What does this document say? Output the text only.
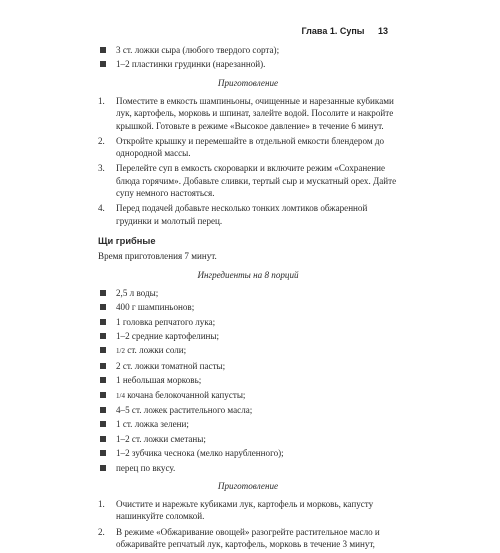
Глава 1. Супы 13
3 ст. ложки сыра (любого твердого сорта);
1–2 пластинки грудинки (нарезанной).
Приготовление
1. Поместите в емкость шампиньоны, очищенные и нарезанные кубиками лук, картофель, морковь и шпинат, залейте водой. Посолите и накройте крышкой. Готовьте в режиме «Высокое давление» в течение 6 минут.
2. Откройте крышку и перемешайте в отдельной емкости блендером до однородной массы.
3. Перелейте суп в емкость скороварки и включите режим «Сохранение блюда горячим». Добавьте сливки, тертый сыр и мускатный орех. Дайте супу немного настояться.
4. Перед подачей добавьте несколько тонких ломтиков обжаренной грудинки и молотый перец.
Щи грибные
Время приготовления 7 минут.
Ингредиенты на 8 порций
2,5 л воды;
400 г шампиньонов;
1 головка репчатого лука;
1–2 средние картофелины;
1/2 ст. ложки соли;
2 ст. ложки томатной пасты;
1 небольшая морковь;
1/4 кочана белокочанной капусты;
4–5 ст. ложек растительного масла;
1 ст. ложка зелени;
1–2 ст. ложки сметаны;
1–2 зубчика чеснока (мелко нарубленного);
перец по вкусу.
Приготовление
1. Очистите и нарежьте кубиками лук, картофель и морковь, капусту нашинкуйте соломкой.
2. В режиме «Обжаривание овощей» разогрейте растительное масло и обжаривайте репчатый лук, картофель, морковь в течение 3 минут,
